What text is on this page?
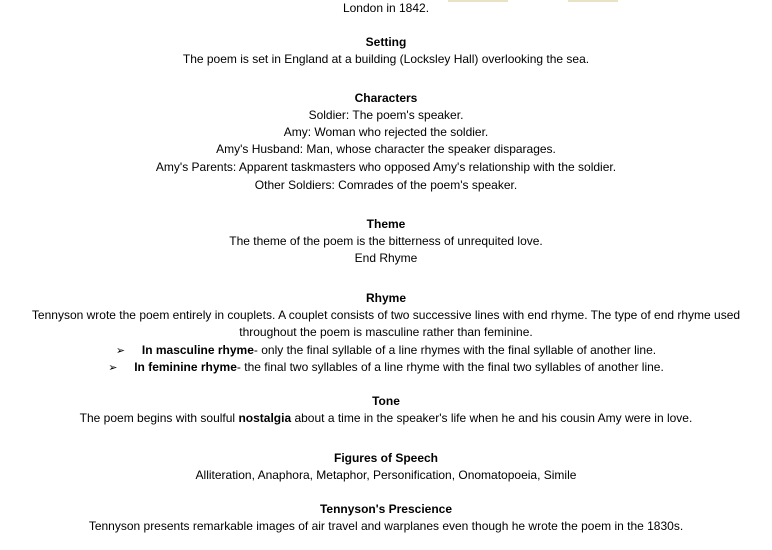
London in 1842.
Setting
The poem is set in England at a building (Locksley Hall) overlooking the sea.
Characters
Soldier: The poem's speaker.
Amy: Woman who rejected the soldier.
Amy's Husband: Man, whose character the speaker disparages.
Amy's Parents: Apparent taskmasters who opposed Amy's relationship with the soldier.
Other Soldiers: Comrades of the poem's speaker.
Theme
The theme of the poem is the bitterness of unrequited love.
End Rhyme
Rhyme
Tennyson wrote the poem entirely in couplets. A couplet consists of two successive lines with end rhyme. The type of end rhyme used throughout the poem is masculine rather than feminine.
➢ In masculine rhyme- only the final syllable of a line rhymes with the final syllable of another line.
➢ In feminine rhyme- the final two syllables of a line rhyme with the final two syllables of another line.
Tone
The poem begins with soulful nostalgia about a time in the speaker's life when he and his cousin Amy were in love.
Figures of Speech
Alliteration, Anaphora, Metaphor, Personification, Onomatopoeia, Simile
Tennyson's Prescience
Tennyson presents remarkable images of air travel and warplanes even though he wrote the poem in the 1830s.
